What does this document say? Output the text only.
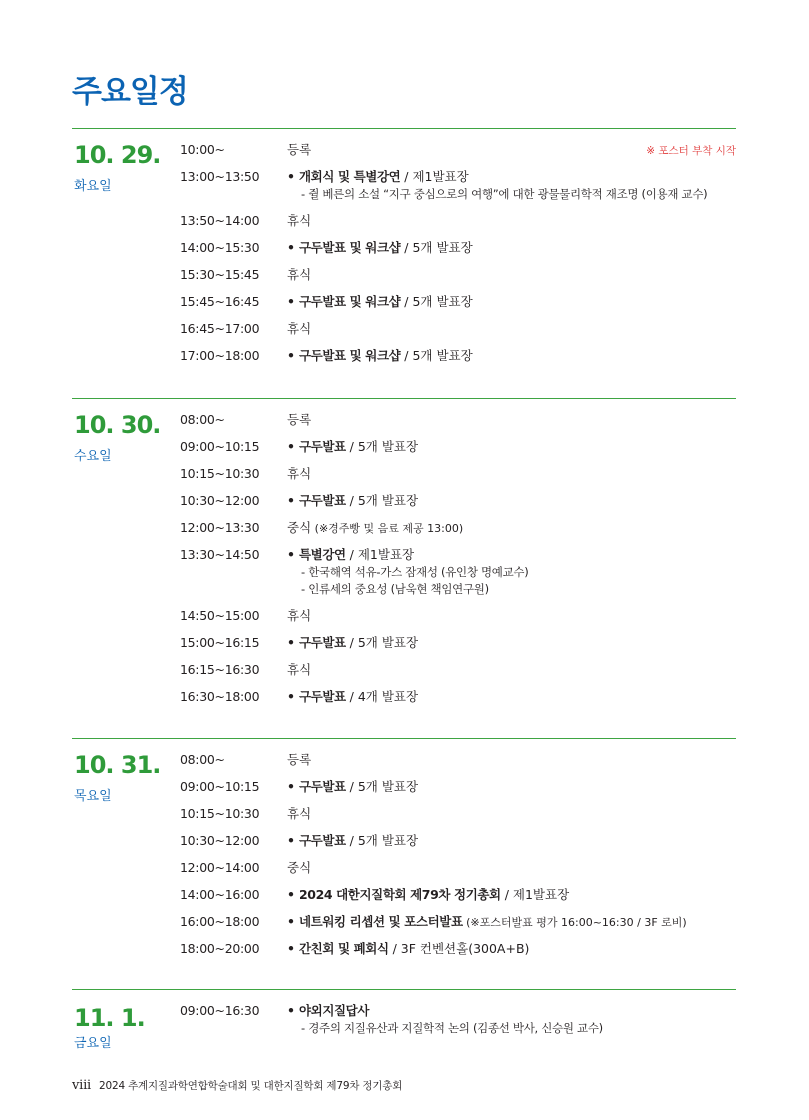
주요일정
10. 29.
화요일
※ 포스터 부착 시작
10:00~	등록
13:00~13:50	• 개회식 및 특별강연 / 제1발표장
- 쥘 베른의 소설 “지구 중심으로의 여행”에 대한 광물물리학적 재조명 (이용재 교수)
13:50~14:00	휴식
14:00~15:30	• 구두발표 및 워크샵 / 5개 발표장
15:30~15:45	휴식
15:45~16:45	• 구두발표 및 워크샵 / 5개 발표장
16:45~17:00	휴식
17:00~18:00	• 구두발표 및 워크샵 / 5개 발표장
10. 30.
수요일
08:00~	등록
09:00~10:15	• 구두발표 / 5개 발표장
10:15~10:30	휴식
10:30~12:00	• 구두발표 / 5개 발표장
12:00~13:30	중식 (※경주빵 및 음료 제공 13:00)
13:30~14:50	• 특별강연 / 제1발표장
- 한국해역 석유-가스 잠재성 (유인창 명예교수)
- 인류세의 중요성 (남욱현 책임연구원)
14:50~15:00	휴식
15:00~16:15	• 구두발표 / 5개 발표장
16:15~16:30	휴식
16:30~18:00	• 구두발표 / 4개 발표장
10. 31.
목요일
08:00~	등록
09:00~10:15	• 구두발표 / 5개 발표장
10:15~10:30	휴식
10:30~12:00	• 구두발표 / 5개 발표장
12:00~14:00	중식
14:00~16:00	• 2024 대한지질학회 제79차 정기총회 / 제1발표장
16:00~18:00	• 네트워킹 리셉션 및 포스터발표 (※포스터발표 평가 16:00~16:30 / 3F 로비)
18:00~20:00	• 간친회 및 폐회식 / 3F 컨벤션홀(300A+B)
11. 1.
금요일
09:00~16:30	• 야외지질답사
- 경주의 지질유산과 지질학적 논의 (김종선 박사, 신승원 교수)
viii 2024 추계지질과학연합학술대회 및 대한지질학회 제79차 정기총회
